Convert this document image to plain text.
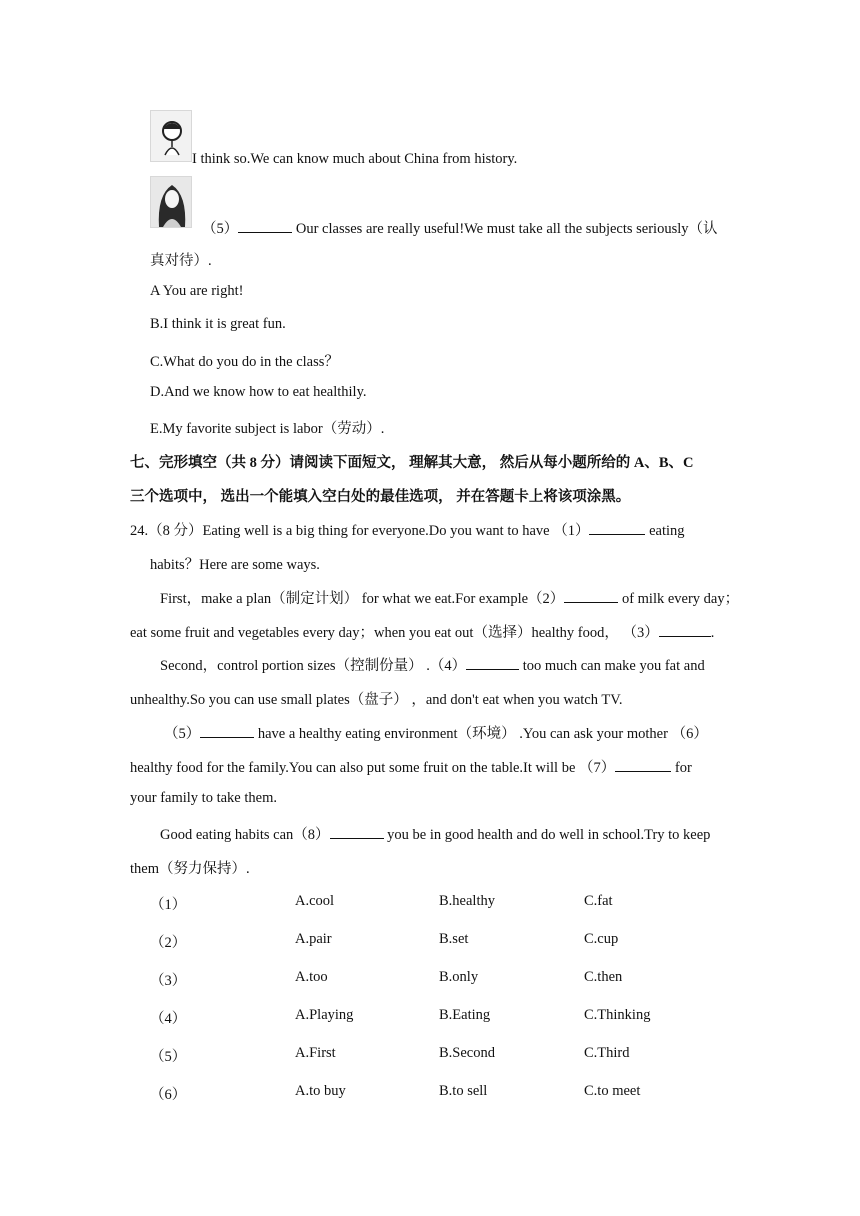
I think so.We can know much about China from history.
（5）	Our classes are really useful!We must take all the subjects seriously（认
真对待）.
A You are right!
B.I think it is great fun.
C.What do you do in the class？
D.And we know how to eat healthily.
E.My favorite subject is labor（劳动）.
七、完形填空（共 8 分）请阅读下面短文， 理解其大意， 然后从每小题所给的 A、B、C
三个选项中， 选出一个能填入空白处的最佳选项， 并在答题卡上将该项涂黑。
24.（8 分）Eating well is a big thing for everyone.Do you want to have （1）	eating
habits？Here are some ways.
First，make a plan（制定计划） for what we eat.For example（2）	of milk every day；
eat some fruit and vegetables every day；when you eat out（选择）healthy food， （3）	.
Second，control portion sizes（控制份量） .（4）	too much can make you fat and
unhealthy.So you can use small plates（盘子） ，and don't eat when you watch TV.
（5）	have a healthy eating environment（环境） .You can ask your mother （6）
healthy food for the family.You can also put some fruit on the table.It will be （7）	for
your family to take them.
Good eating habits can（8）	you be in good health and do well in school.Try to keep
them（努力保持）.
（1）	A.cool	B.healthy	C.fat
（2）	A.pair	B.set	C.cup
（3）	A.too	B.only	C.then
（4）	A.Playing	B.Eating	C.Thinking
（5）	A.First	B.Second	C.Third
（6）	A.to buy	B.to sell	C.to meet
